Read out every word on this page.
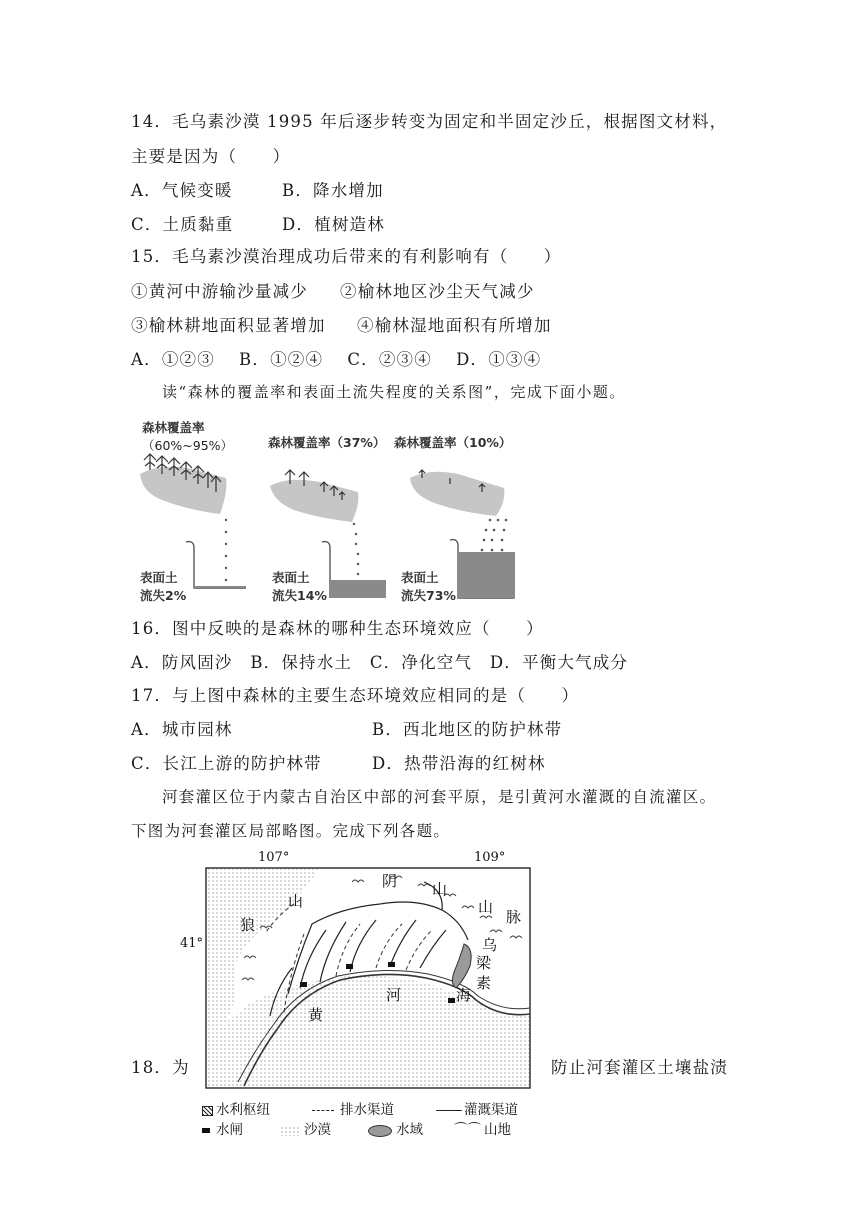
14．毛乌素沙漠 1995 年后逐步转变为固定和半固定沙丘，根据图文材料，
主要是因为（　　）
A．气候变暖	B．降水增加
C．土质黏重	D．植树造林
15．毛乌素沙漠治理成功后带来的有利影响有（　　）
①黄河中游输沙量减少 ②榆林地区沙尘天气减少
③榆林耕地面积显著增加 ④榆林湿地面积有所增加
A．①②③　 B．①②④　 C．②③④　 D．①③④
读“森林的覆盖率和表面土流失程度的关系图”，完成下面小题。
森林覆盖率
（60%~95%）	森林覆盖率（37%） 森林覆盖率（10%）
表面土
流失2%
表面土
流失14%
表面土
流失73%
16．图中反映的是森林的哪种生态环境效应（　　）
A．防风固沙　B．保持水土　C．净化空气　D．平衡大气成分
17．与上图中森林的主要生态环境效应相同的是（　　）
A．城市园林	B．西北地区的防护林带
C．长江上游的防护林带	D．热带沿海的红树林
河套灌区位于内蒙古自治区中部的河套平原，是引黄河水灌溉的自流灌区。
下图为河套灌区局部略图。完成下列各题。
107°	109°
41°
阴 山
山
脉
山
狼
乌
梁
素
海
河
黄
水利枢纽	排水渠道	灌溉渠道
水闸	沙漠	水域 ⌒⌒ 山地
18．为	防止河套灌区土壤盐渍
